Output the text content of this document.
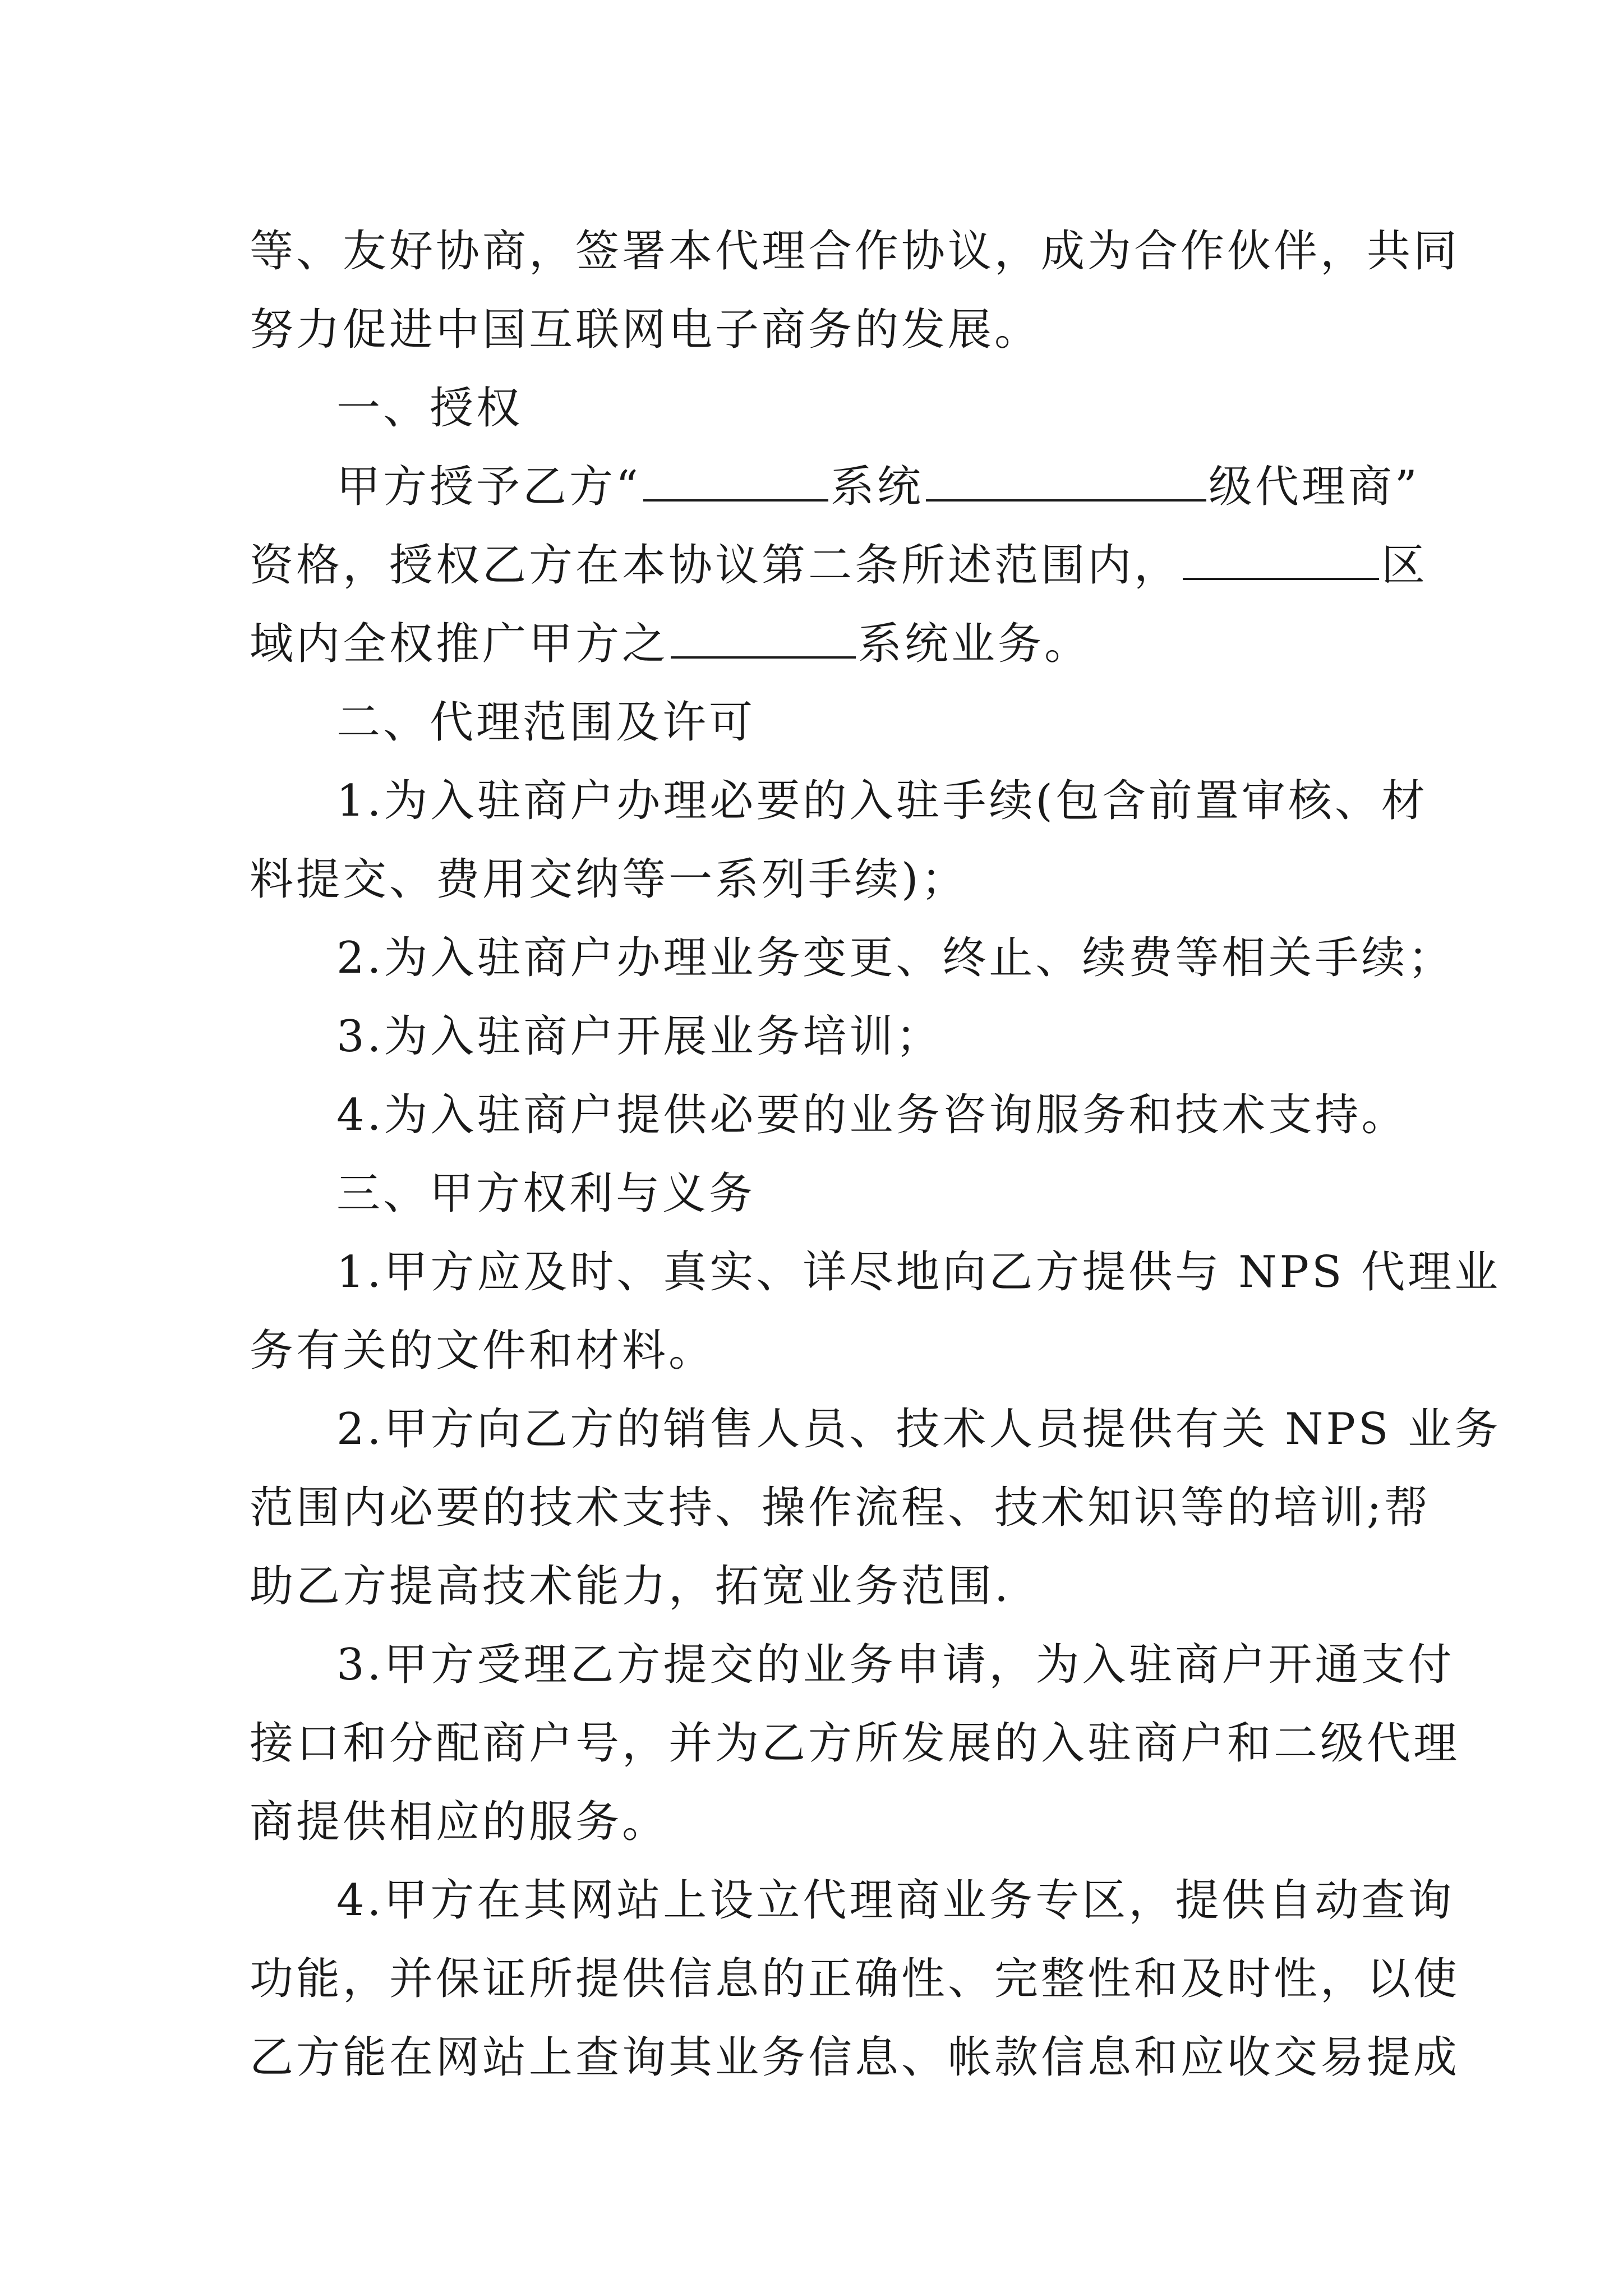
等、友好协商，签署本代理合作协议，成为合作伙伴，共同
努力促进中国互联网电子商务的发展。
一、授权
甲方授予乙方“	系统	级代理商”
资格，授权乙方在本协议第二条所述范围内，	区
域内全权推广甲方之	系统业务。
二、代理范围及许可
1.为入驻商户办理必要的入驻手续(包含前置审核、材
料提交、费用交纳等一系列手续)；
2.为入驻商户办理业务变更、终止、续费等相关手续；
3.为入驻商户开展业务培训；
4.为入驻商户提供必要的业务咨询服务和技术支持。
三、甲方权利与义务
1.甲方应及时、真实、详尽地向乙方提供与 NPS 代理业
务有关的文件和材料。
2.甲方向乙方的销售人员、技术人员提供有关 NPS 业务
范围内必要的技术支持、操作流程、技术知识等的培训;帮
助乙方提高技术能力，拓宽业务范围.
3.甲方受理乙方提交的业务申请，为入驻商户开通支付
接口和分配商户号，并为乙方所发展的入驻商户和二级代理
商提供相应的服务。
4.甲方在其网站上设立代理商业务专区，提供自动查询
功能，并保证所提供信息的正确性、完整性和及时性，以使
乙方能在网站上查询其业务信息、帐款信息和应收交易提成
